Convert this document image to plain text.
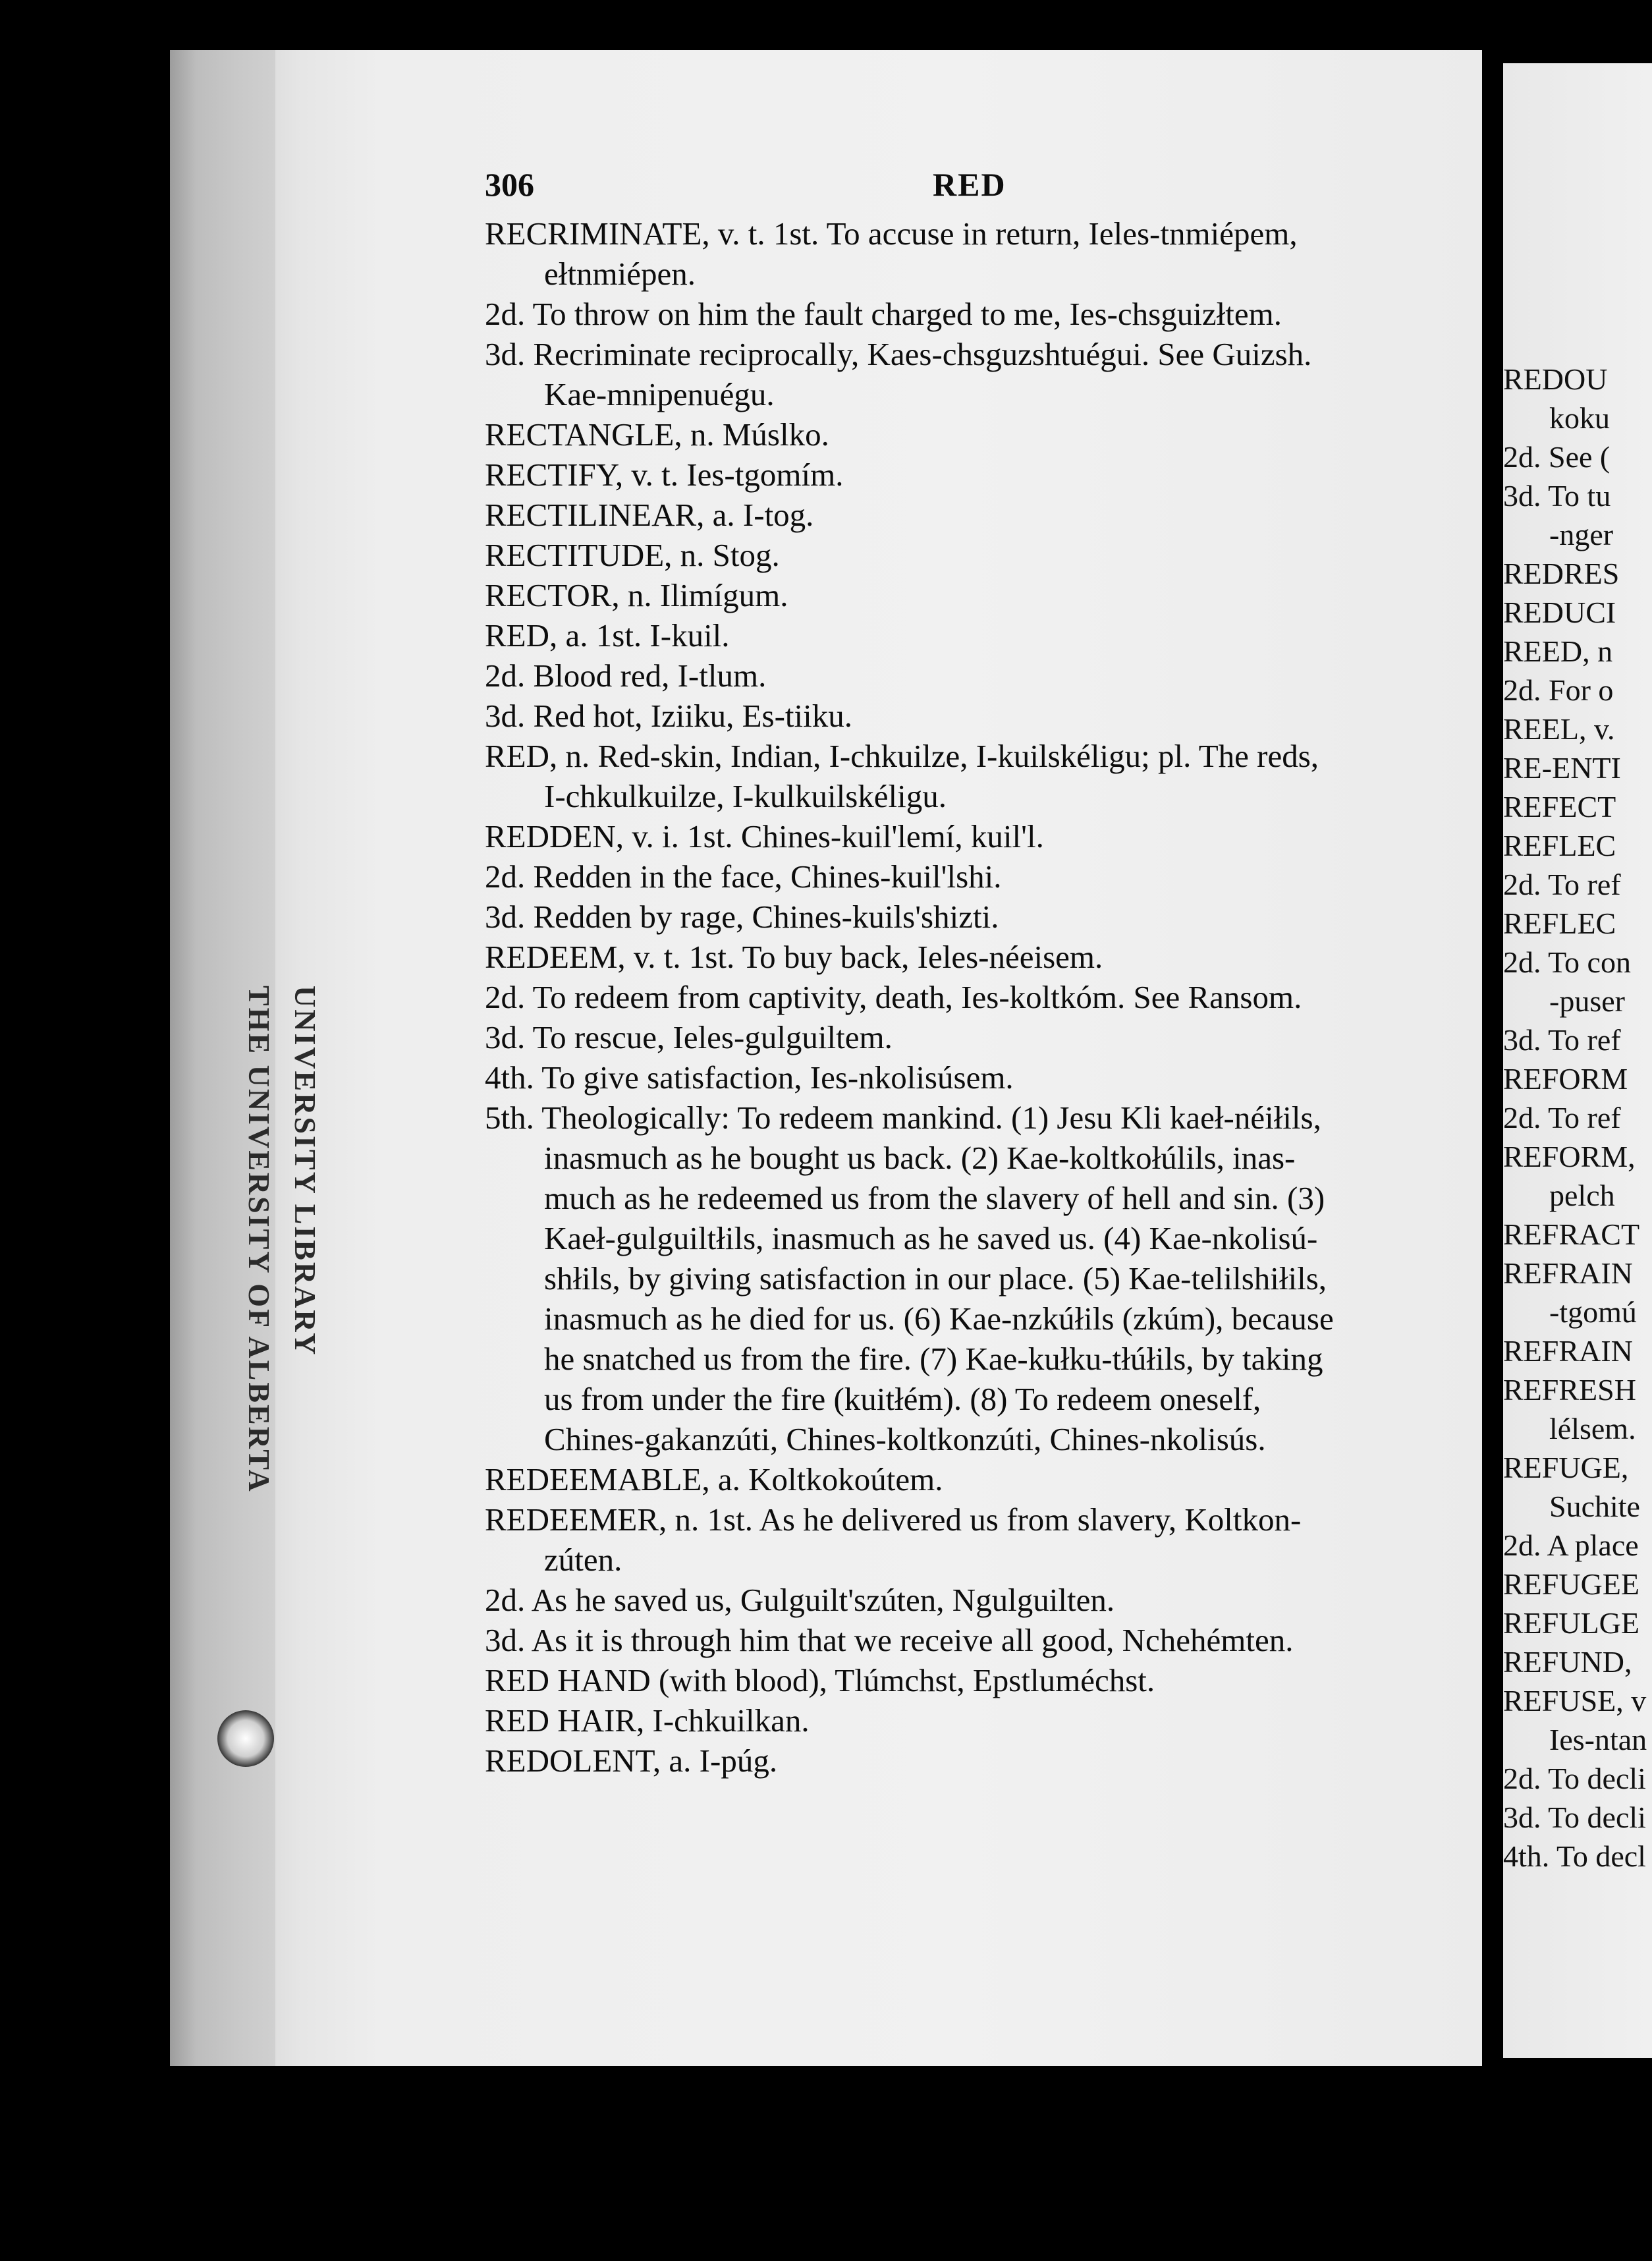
UNIVERSITY LIBRARY
THE UNIVERSITY OF ALBERTA
306	RED
RECRIMINATE, v. t. 1st. To accuse in return, Ieles-tnmiépem,
ełtnmiépen.
2d. To throw on him the fault charged to me, Ies-chsguizłtem.
3d. Recriminate reciprocally, Kaes-chsguzshtuégui. See Guizsh.
Kae-mnipenuégu.
RECTANGLE, n. Múslko.
RECTIFY, v. t. Ies-tgomím.
RECTILINEAR, a. I-tog.
RECTITUDE, n. Stog.
RECTOR, n. Ilimígum.
RED, a. 1st. I-kuil.
2d. Blood red, I-tlum.
3d. Red hot, Iziiku, Es-tiiku.
RED, n. Red-skin, Indian, I-chkuilze, I-kuilskéligu; pl. The reds,
I-chkulkuilze, I-kulkuilskéligu.
REDDEN, v. i. 1st. Chines-kuil'lemí, kuil'l.
2d. Redden in the face, Chines-kuil'lshi.
3d. Redden by rage, Chines-kuils'shizti.
REDEEM, v. t. 1st. To buy back, Ieles-néeisem.
2d. To redeem from captivity, death, Ies-koltkóm. See Ransom.
3d. To rescue, Ieles-gulguiltem.
4th. To give satisfaction, Ies-nkolisúsem.
5th. Theologically: To redeem mankind. (1) Jesu Kli kaeł-néiłils,
inasmuch as he bought us back. (2) Kae-koltkołúlils, inas-
much as he redeemed us from the slavery of hell and sin. (3)
Kaeł-gulguiltłils, inasmuch as he saved us. (4) Kae-nkolisú-
shłils, by giving satisfaction in our place. (5) Kae-telilshiłils,
inasmuch as he died for us. (6) Kae-nzkúłils (zkúm), because
he snatched us from the fire. (7) Kae-kułku-tłúłils, by taking
us from under the fire (kuitłém). (8) To redeem oneself,
Chines-gakanzúti, Chines-koltkonzúti, Chines-nkolisús.
REDEEMABLE, a. Koltkokoútem.
REDEEMER, n. 1st. As he delivered us from slavery, Koltkon-
zúten.
2d. As he saved us, Gulguilt'szúten, Ngulguilten.
3d. As it is through him that we receive all good, Nchehémten.
RED HAND (with blood), Tlúmchst, Epstluméchst.
RED HAIR, I-chkuilkan.
REDOLENT, a. I-púg.
REDOU
koku
2d. See (
3d. To tu
-nger
REDRES
REDUCI
REED, n
2d. For o
REEL, v.
RE-ENTI
REFECT
REFLEC
2d. To ref
REFLEC
2d. To con
-puser
3d. To ref
REFORM
2d. To ref
REFORM,
pelch
REFRACT
REFRAIN
-tgomú
REFRAIN
REFRESH
lélsem.
REFUGE,
Suchite
2d. A place
REFUGEE
REFULGE
REFUND,
REFUSE, v
Ies-ntan
2d. To decli
3d. To decli
4th. To decl
